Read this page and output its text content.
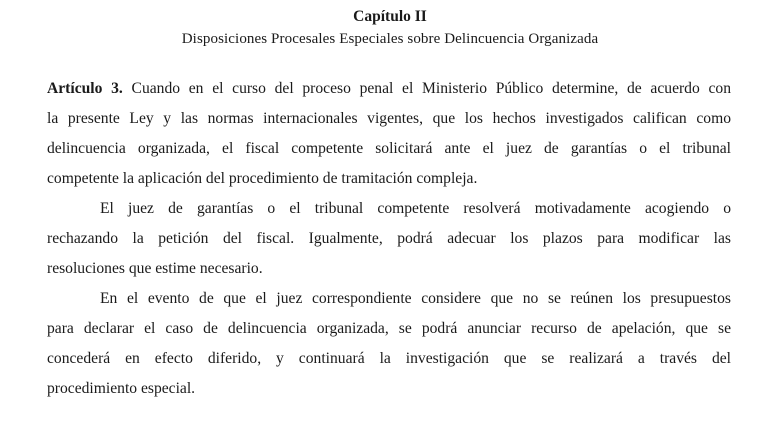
Capítulo II
Disposiciones Procesales Especiales sobre Delincuencia Organizada
Artículo 3. Cuando en el curso del proceso penal el Ministerio Público determine, de acuerdo con
la presente Ley y las normas internacionales vigentes, que los hechos investigados califican como
delincuencia organizada, el fiscal competente solicitará ante el juez de garantías o el tribunal
competente la aplicación del procedimiento de tramitación compleja.
El juez de garantías o el tribunal competente resolverá motivadamente acogiendo o
rechazando la petición del fiscal. Igualmente, podrá adecuar los plazos para modificar las
resoluciones que estime necesario.
En el evento de que el juez correspondiente considere que no se reúnen los presupuestos
para declarar el caso de delincuencia organizada, se podrá anunciar recurso de apelación, que se
concederá en efecto diferido, y continuará la investigación que se realizará a través del
procedimiento especial.
